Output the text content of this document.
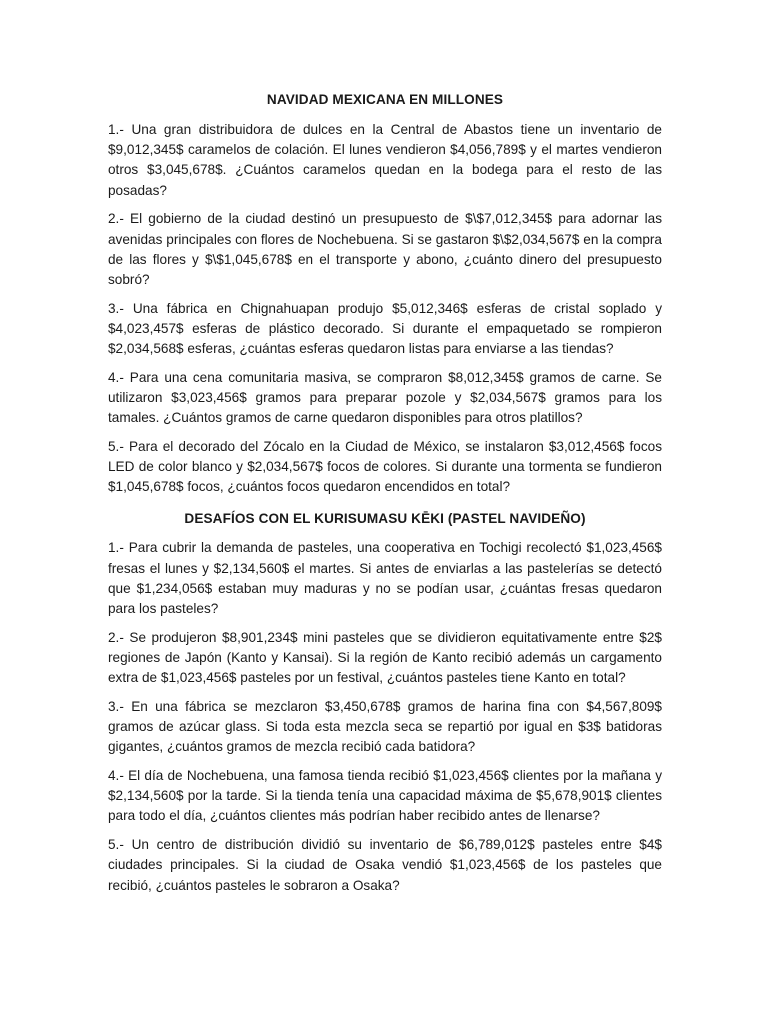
NAVIDAD MEXICANA EN MILLONES

1.- Una gran distribuidora de dulces en la Central de Abastos tiene un inventario de $9,012,345$ caramelos de colación. El lunes vendieron $4,056,789$ y el martes vendieron otros $3,045,678$. ¿Cuántos caramelos quedan en la bodega para el resto de las posadas?

2.- El gobierno de la ciudad destinó un presupuesto de $\$7,012,345$ para adornar las avenidas principales con flores de Nochebuena. Si se gastaron $\$2,034,567$ en la compra de las flores y $\$1,045,678$ en el transporte y abono, ¿cuánto dinero del presupuesto sobró?

3.- Una fábrica en Chignahuapan produjo $5,012,346$ esferas de cristal soplado y $4,023,457$ esferas de plástico decorado. Si durante el empaquetado se rompieron $2,034,568$ esferas, ¿cuántas esferas quedaron listas para enviarse a las tiendas?

4.- Para una cena comunitaria masiva, se compraron $8,012,345$ gramos de carne. Se utilizaron $3,023,456$ gramos para preparar pozole y $2,034,567$ gramos para los tamales. ¿Cuántos gramos de carne quedaron disponibles para otros platillos?

5.- Para el decorado del Zócalo en la Ciudad de México, se instalaron $3,012,456$ focos LED de color blanco y $2,034,567$ focos de colores. Si durante una tormenta se fundieron $1,045,678$ focos, ¿cuántos focos quedaron encendidos en total?

DESAFÍOS CON EL KURISUMASU KĒKI (PASTEL NAVIDEÑO)

1.- Para cubrir la demanda de pasteles, una cooperativa en Tochigi recolectó $1,023,456$ fresas el lunes y $2,134,560$ el martes. Si antes de enviarlas a las pastelerías se detectó que $1,234,056$ estaban muy maduras y no se podían usar, ¿cuántas fresas quedaron para los pasteles?

2.- Se produjeron $8,901,234$ mini pasteles que se dividieron equitativamente entre $2$ regiones de Japón (Kanto y Kansai). Si la región de Kanto recibió además un cargamento extra de $1,023,456$ pasteles por un festival, ¿cuántos pasteles tiene Kanto en total?

3.- En una fábrica se mezclaron $3,450,678$ gramos de harina fina con $4,567,809$ gramos de azúcar glass. Si toda esta mezcla seca se repartió por igual en $3$ batidoras gigantes, ¿cuántos gramos de mezcla recibió cada batidora?

4.- El día de Nochebuena, una famosa tienda recibió $1,023,456$ clientes por la mañana y $2,134,560$ por la tarde. Si la tienda tenía una capacidad máxima de $5,678,901$ clientes para todo el día, ¿cuántos clientes más podrían haber recibido antes de llenarse?

5.- Un centro de distribución dividió su inventario de $6,789,012$ pasteles entre $4$ ciudades principales. Si la ciudad de Osaka vendió $1,023,456$ de los pasteles que recibió, ¿cuántos pasteles le sobraron a Osaka?
